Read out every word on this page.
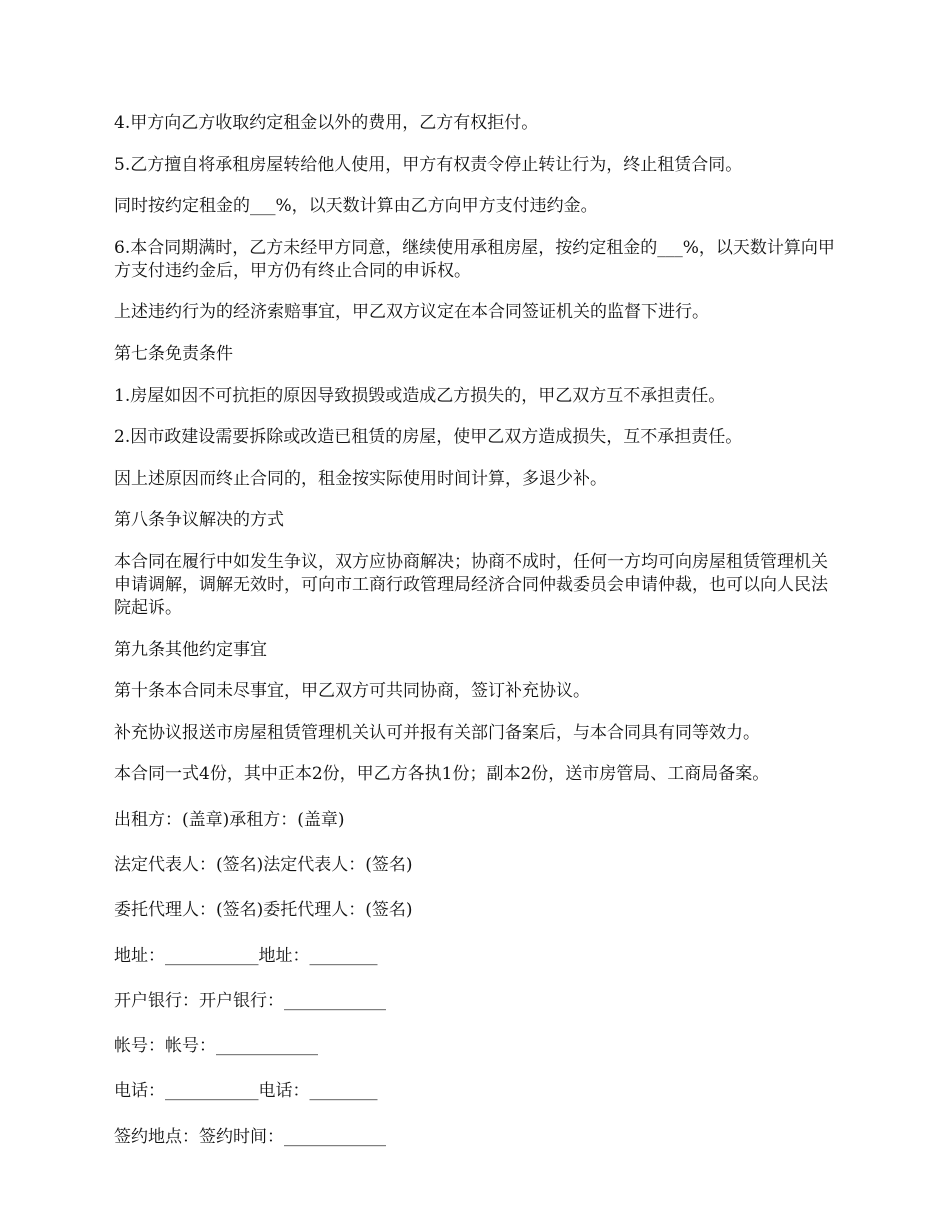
4.甲方向乙方收取约定租金以外的费用，乙方有权拒付。

5.乙方擅自将承租房屋转给他人使用，甲方有权责令停止转让行为，终止租赁合同。

同时按约定租金的___%，以天数计算由乙方向甲方支付违约金。

6.本合同期满时，乙方未经甲方同意，继续使用承租房屋，按约定租金的___%，以天数计算向甲方支付违约金后，甲方仍有终止合同的申诉权。

上述违约行为的经济索赔事宜，甲乙双方议定在本合同签证机关的监督下进行。

第七条免责条件

1.房屋如因不可抗拒的原因导致损毁或造成乙方损失的，甲乙双方互不承担责任。

2.因市政建设需要拆除或改造已租赁的房屋，使甲乙双方造成损失，互不承担责任。

因上述原因而终止合同的，租金按实际使用时间计算，多退少补。

第八条争议解决的方式

本合同在履行中如发生争议，双方应协商解决；协商不成时，任何一方均可向房屋租赁管理机关申请调解，调解无效时，可向市工商行政管理局经济合同仲裁委员会申请仲裁，也可以向人民法院起诉。

第九条其他约定事宜

第十条本合同未尽事宜，甲乙双方可共同协商，签订补充协议。

补充协议报送市房屋租赁管理机关认可并报有关部门备案后，与本合同具有同等效力。

本合同一式4份，其中正本2份，甲乙方各执1份；副本2份，送市房管局、工商局备案。

出租方：(盖章)承租方：(盖章)

法定代表人：(签名)法定代表人：(签名)

委托代理人：(签名)委托代理人：(签名)

地址：___________地址：________

开户银行：开户银行：____________

帐号：帐号：____________

电话：___________电话：________

签约地点：签约时间：____________
